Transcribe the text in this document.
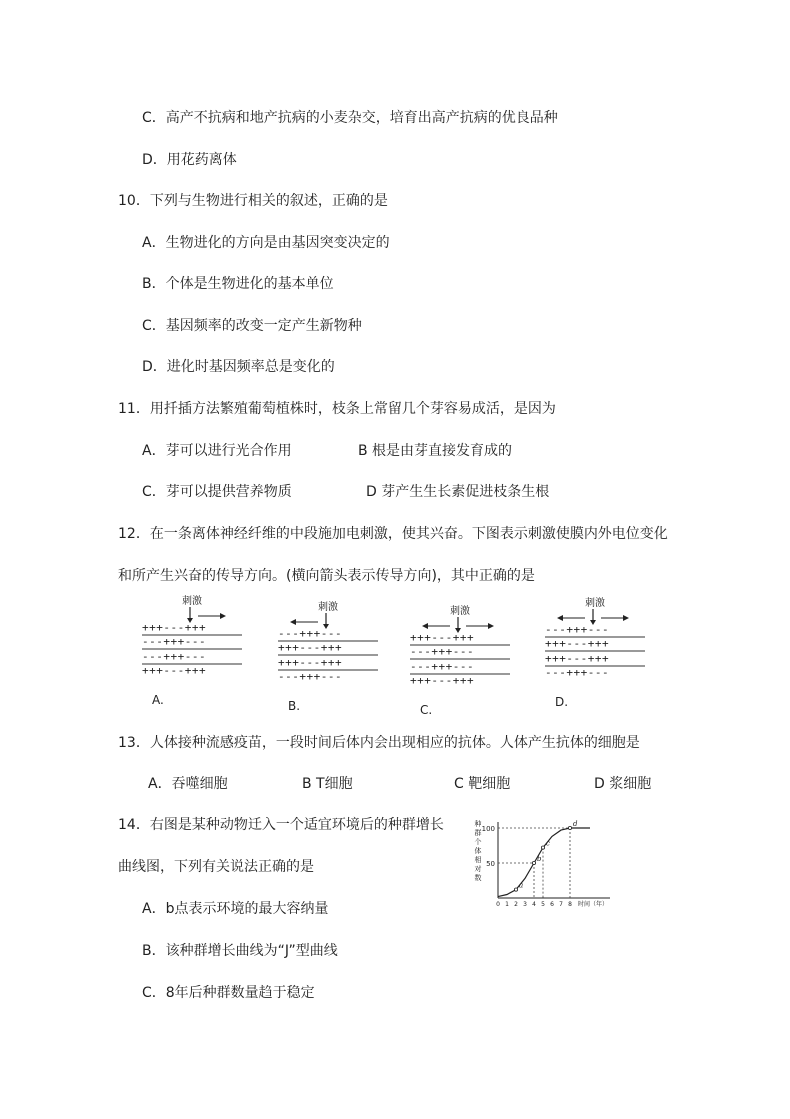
C．高产不抗病和地产抗病的小麦杂交，培育出高产抗病的优良品种
D．用花药离体
10．下列与生物进行相关的叙述，正确的是
A．生物进化的方向是由基因突变决定的
B．个体是生物进化的基本单位
C．基因频率的改变一定产生新物种
D．进化时基因频率总是变化的
11．用扦插方法繁殖葡萄植株时，枝条上常留几个芽容易成活，是因为
A．芽可以进行光合作用	B 根是由芽直接发育成的
C．芽可以提供营养物质	D 芽产生生长素促进枝条生根
12．在一条离体神经纤维的中段施加电刺激，使其兴奋。下图表示刺激使膜内外电位变化
和所产生兴奋的传导方向。(横向箭头表示传导方向)，其中正确的是
刺激
+++---+++
---+++---
---+++---
+++---+++
A.
刺激
---+++---
+++---+++
+++---+++
---+++---
B.
刺激
+++---+++
---+++---
---+++---
+++---+++
C.
刺激
---+++---
+++---+++
+++---+++
---+++---
D.
13．人体接种流感疫苗，一段时间后体内会出现相应的抗体。人体产生抗体的细胞是
A．吞噬细胞	B T细胞	C 靶细胞	D 浆细胞
14．右图是某种动物迁入一个适宜环境后的种群增长
曲线图，下列有关说法正确的是
A．b点表示环境的最大容纳量
B．该种群增长曲线为“J”型曲线
C．8年后种群数量趋于稳定
种
群
个
体
相
对
数
50
100
0 1 2 3 4 5 6 7 8 时间（年）
a
b
c
d
